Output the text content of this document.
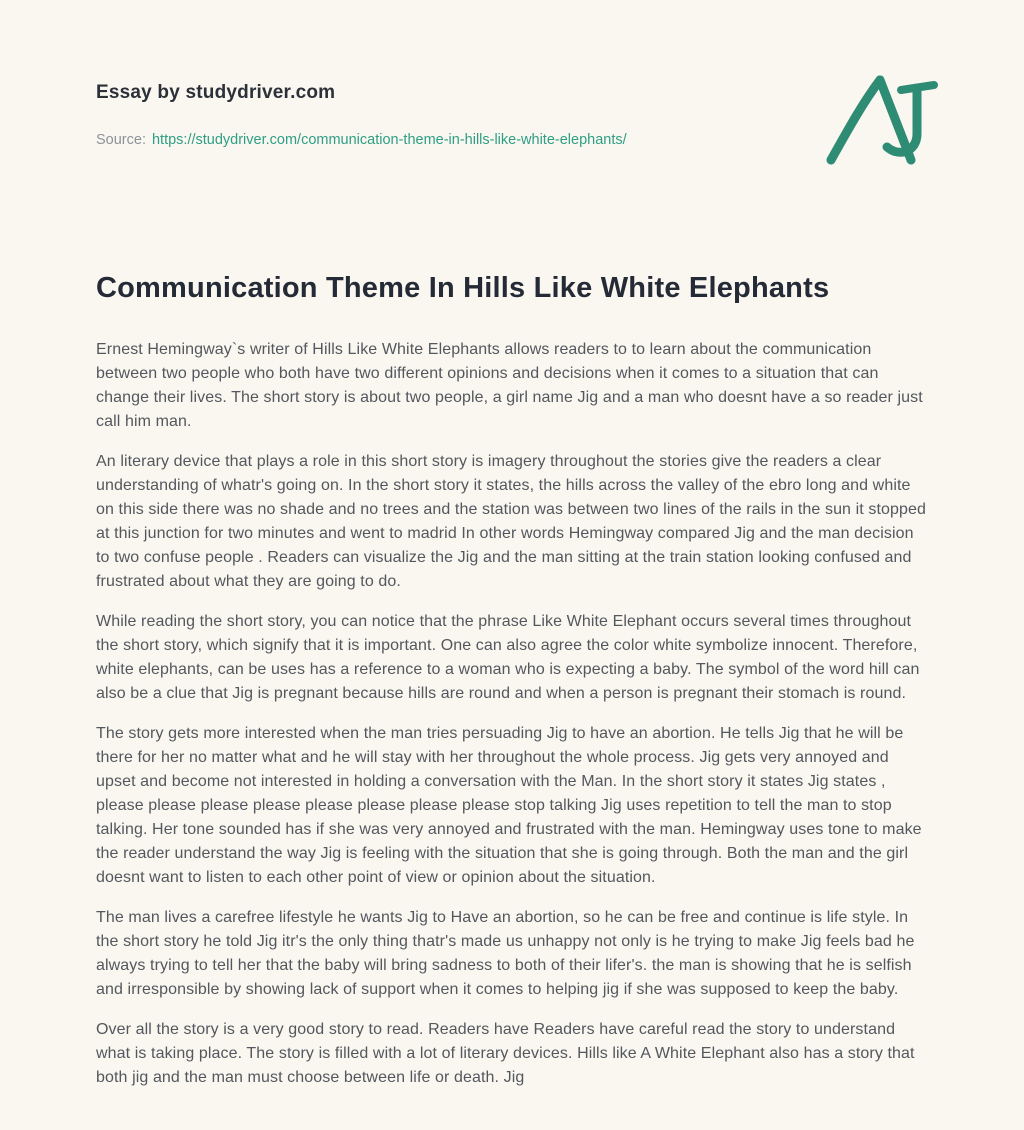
Essay by studydriver.com
Source: https://studydriver.com/communication-theme-in-hills-like-white-elephants/
Communication Theme In Hills Like White Elephants

Ernest Hemingway`s writer of Hills Like White Elephants allows readers to to learn about the communication between two people who both have two different opinions and decisions when it comes to a situation that can change their lives. The short story is about two people, a girl name Jig and a man who doesnt have a so reader just call him man.

An literary device that plays a role in this short story is imagery throughout the stories give the readers a clear understanding of whatr's going on. In the short story it states, the hills across the valley of the ebro long and white on this side there was no shade and no trees and the station was between two lines of the rails in the sun it stopped at this junction for two minutes and went to madrid In other words Hemingway compared Jig and the man decision to two confuse people . Readers can visualize the Jig and the man sitting at the train station looking confused and frustrated about what they are going to do.

While reading the short story, you can notice that the phrase Like White Elephant occurs several times throughout the short story, which signify that it is important. One can also agree the color white symbolize innocent. Therefore, white elephants, can be uses has a reference to a woman who is expecting a baby. The symbol of the word hill can also be a clue that Jig is pregnant because hills are round and when a person is pregnant their stomach is round.

The story gets more interested when the man tries persuading Jig to have an abortion. He tells Jig that he will be there for her no matter what and he will stay with her throughout the whole process. Jig gets very annoyed and upset and become not interested in holding a conversation with the Man. In the short story it states Jig states , please please please please please please please please stop talking Jig uses repetition to tell the man to stop talking. Her tone sounded has if she was very annoyed and frustrated with the man. Hemingway uses tone to make the reader understand the way Jig is feeling with the situation that she is going through. Both the man and the girl doesnt want to listen to each other point of view or opinion about the situation.

The man lives a carefree lifestyle he wants Jig to Have an abortion, so he can be free and continue is life style. In the short story he told Jig itr's the only thing thatr's made us unhappy not only is he trying to make Jig feels bad he always trying to tell her that the baby will bring sadness to both of their lifer's. the man is showing that he is selfish and irresponsible by showing lack of support when it comes to helping jig if she was supposed to keep the baby.

Over all the story is a very good story to read. Readers have Readers have careful read the story to understand what is taking place. The story is filled with a lot of literary devices. Hills like A White Elephant also has a story that both jig and the man must choose between life or death. Jig
